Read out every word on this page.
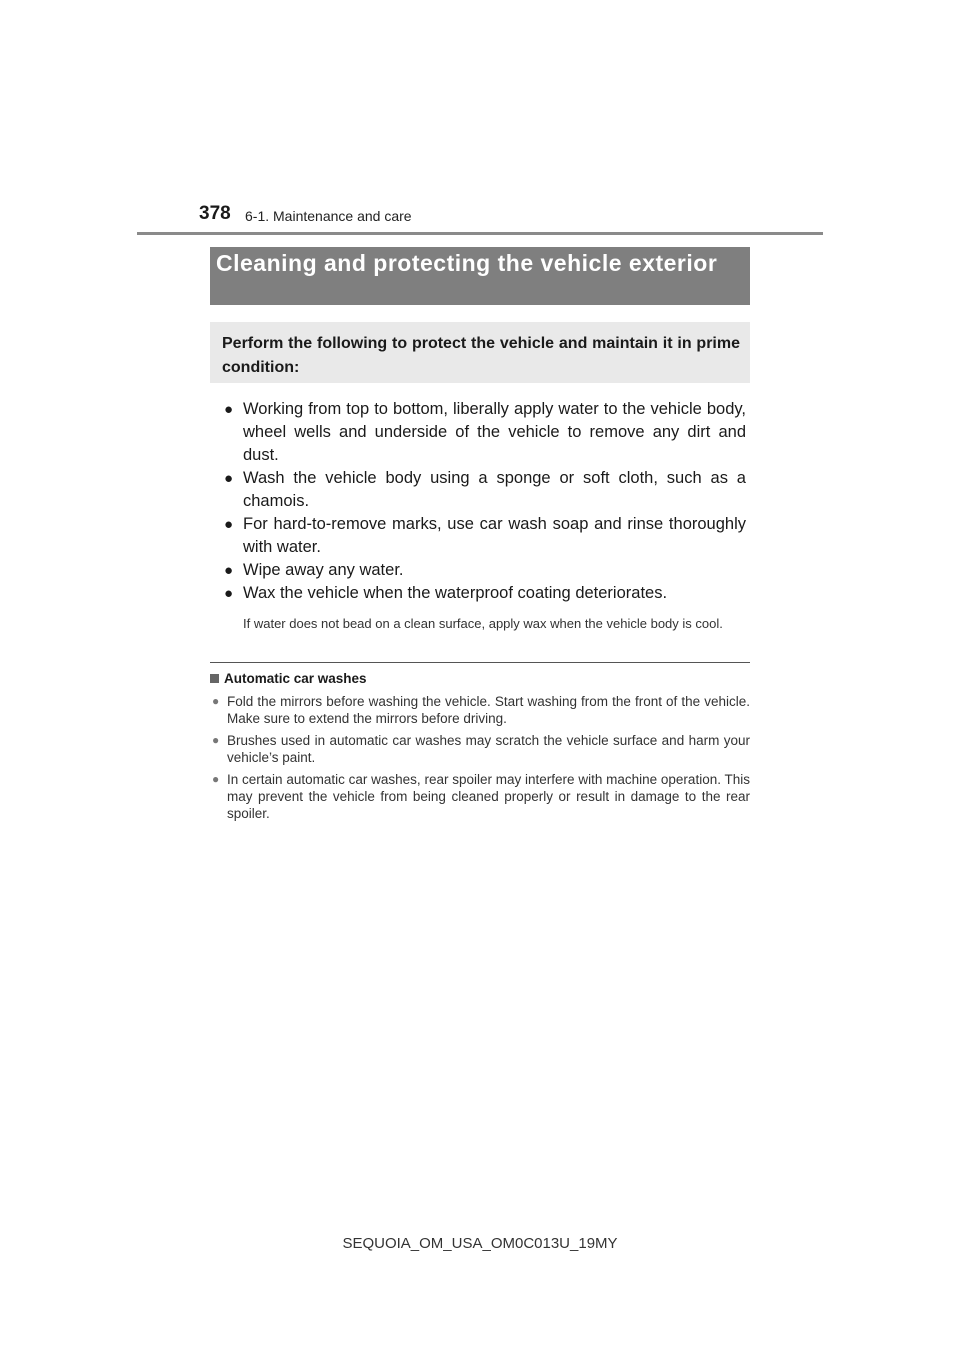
378 6-1. Maintenance and care
Cleaning and protecting the vehicle exterior
Perform the following to protect the vehicle and maintain it in prime condition:
● Working from top to bottom, liberally apply water to the vehicle body, wheel wells and underside of the vehicle to remove any dirt and dust.
● Wash the vehicle body using a sponge or soft cloth, such as a chamois.
● For hard-to-remove marks, use car wash soap and rinse thoroughly with water.
● Wipe away any water.
● Wax the vehicle when the waterproof coating deteriorates.
If water does not bead on a clean surface, apply wax when the vehicle body is cool.
Automatic car washes
● Fold the mirrors before washing the vehicle. Start washing from the front of the vehicle. Make sure to extend the mirrors before driving.
● Brushes used in automatic car washes may scratch the vehicle surface and harm your vehicle’s paint.
● In certain automatic car washes, rear spoiler may interfere with machine operation. This may prevent the vehicle from being cleaned properly or result in damage to the rear spoiler.
SEQUOIA_OM_USA_OM0C013U_19MY
